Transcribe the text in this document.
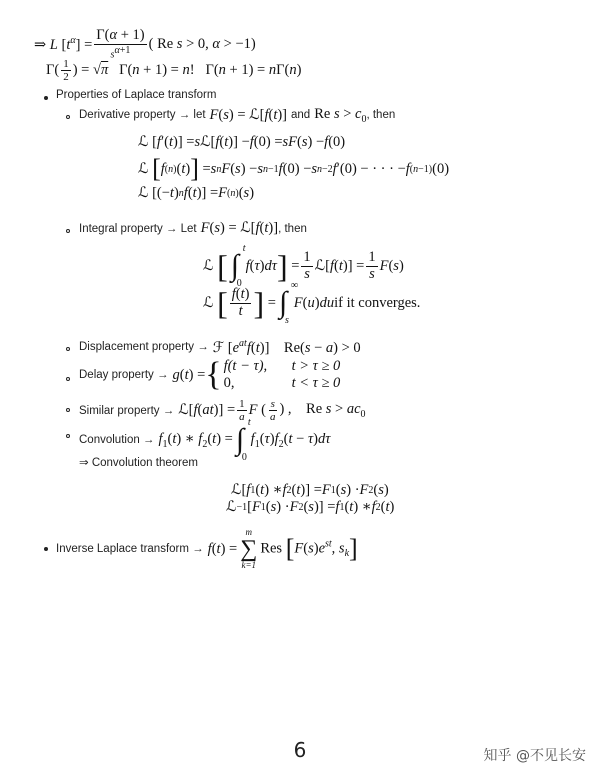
⇒ L $[t^\alpha] = \frac{\Gamma(\alpha + 1)}{s^{\alpha+1}}$ ( Re s > 0, α > −1)
$\Gamma( \frac{1}{2}$ ) = √π   Γ(n + 1) = n!   Γ(n + 1) = nΓ(n)
Properties of Laplace transform
Derivative property → let F(s) = ℒ[f(t)] and Re $s > c_0$ , then
ℒ [ f ′( t )] = s ℒ[ f ( t )] − f (0) = sF ( s ) − f (0)
ℒ [ f (n) ( t ) ] = s n F ( s ) − s n−1 f (0) − s n−2 f ′(0) − · · · − f (n−1) (0)
ℒ [(− t ) n f ( t )] = F (n) ( s )
Integral property → Let F(s) = ℒ[f(t)] , then
ℒ [ ∫
t
0

f ( τ ) dτ ] = $\frac{1}{s}$ ℒ[ f ( t )] = $\frac{1}{s}$ F ( s )
ℒ [ $\frac{f(t)}{t}$ ] = ∫
∞
s

F ( u ) du if it converges.
Displacement property → ℱ $[e^{at}f(t)]$    Re(s − a) > 0
Delay property → g(t) = { f(t − τ),	t > τ ≥ 0
0,	t < τ ≥ 0
Similar property → ℒ[f(at)] = $\frac{1}{a}$ F ( $\frac{s}{a}$ ) ,    Re $s > ac_0$
Convolution → $f_1(t)$ ∗ $f_2(t)$ = ∫
t
0
$f_1(\tau)f_2(t - \tau)d\tau$
⇒ Convolution theorem
ℒ[ f 1 ( t ) ∗ f 2 ( t )] = F 1 ( s ) · F 2 ( s )
ℒ −1 [ F 1 ( s ) · F 2 ( s )] = f 1 ( t ) ∗ f 2 ( t )
Inverse Laplace transform → f(t) =
m
∑
k=1
Res [$F(s)e^{st}$, $s_k$]
6	知乎 @不见长安
